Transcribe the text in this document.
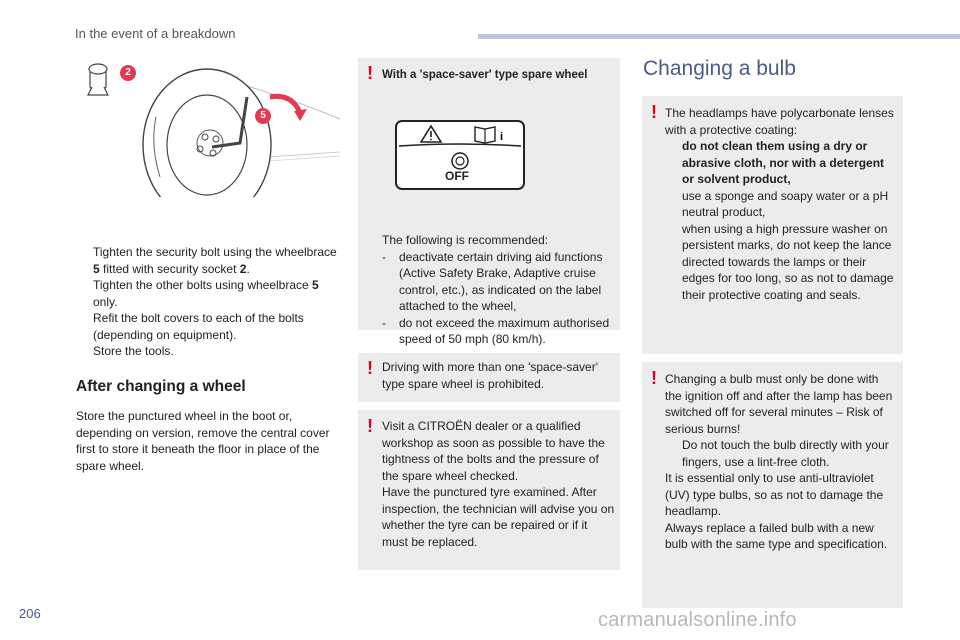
In the event of a breakdown
2
5
Tighten the security bolt using the wheelbrace 5 fitted with security socket 2.
Tighten the other bolts using wheelbrace 5 only.
Refit the bolt covers to each of the bolts (depending on equipment).
Store the tools.
After changing a wheel
Store the punctured wheel in the boot or, depending on version, remove the central cover first to store it beneath the floor in place of the spare wheel.
! With a 'space-saver' type spare wheel
i
OFF
The following is recommended:
- deactivate certain driving aid functions (Active Safety Brake, Adaptive cruise control, etc.), as indicated on the label attached to the wheel,
- do not exceed the maximum authorised speed of 50 mph (80 km/h).
! Driving with more than one 'space-saver' type spare wheel is prohibited.
! Visit a CITROËN dealer or a qualified workshop as soon as possible to have the tightness of the bolts and the pressure of the spare wheel checked.
Have the punctured tyre examined. After inspection, the technician will advise you on whether the tyre can be repaired or if it must be replaced.
Changing a bulb
! The headlamps have polycarbonate lenses with a protective coating:
do not clean them using a dry or abrasive cloth, nor with a detergent or solvent product,
use a sponge and soapy water or a pH neutral product,
when using a high pressure washer on persistent marks, do not keep the lance directed towards the lamps or their edges for too long, so as not to damage their protective coating and seals.
! Changing a bulb must only be done with the ignition off and after the lamp has been switched off for several minutes – Risk of serious burns!
Do not touch the bulb directly with your fingers, use a lint-free cloth.
It is essential only to use anti-ultraviolet (UV) type bulbs, so as not to damage the headlamp.
Always replace a failed bulb with a new bulb with the same type and specification.
206	carmanualsonline.info
